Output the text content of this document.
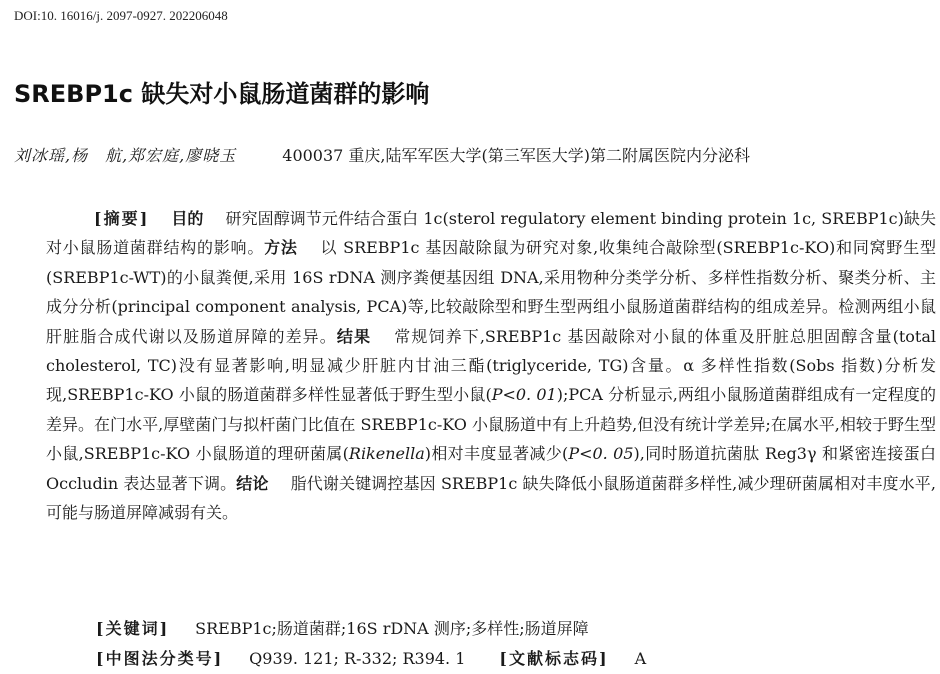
DOI:10. 16016/j. 2097-0927. 202206048
SREBP1c 缺失对小鼠肠道菌群的影响
刘冰瑶,杨　航,郑宏庭,廖晓玉	400037 重庆,陆军军医大学(第三军医大学)第二附属医院内分泌科

[摘要] 目的 研究固醇调节元件结合蛋白 1c(sterol regulatory element binding protein 1c, SREBP1c)缺失对小鼠肠道菌群结构的影响。方法 以 SREBP1c 基因敲除鼠为研究对象,收集纯合敲除型(SREBP1c-KO)和同窝野生型(SREBP1c-WT)的小鼠粪便,采用 16S rDNA 测序粪便基因组 DNA,采用物种分类学分析、多样性指数分析、聚类分析、主成分分析(principal component analysis, PCA)等,比较敲除型和野生型两组小鼠肠道菌群结构的组成差异。检测两组小鼠肝脏脂合成代谢以及肠道屏障的差异。结果 常规饲养下,SREBP1c 基因敲除对小鼠的体重及肝脏总胆固醇含量(total cholesterol, TC)没有显著影响,明显减少肝脏内甘油三酯(triglyceride, TG)含量。α 多样性指数(Sobs 指数)分析发现,SREBP1c-KO 小鼠的肠道菌群多样性显著低于野生型小鼠(P<0. 01);PCA 分析显示,两组小鼠肠道菌群组成有一定程度的差异。在门水平,厚壁菌门与拟杆菌门比值在 SREBP1c-KO 小鼠肠道中有上升趋势,但没有统计学差异;在属水平,相较于野生型小鼠,SREBP1c-KO 小鼠肠道的理研菌属(Rikenella)相对丰度显著减少(P<0. 05),同时肠道抗菌肽 Reg3γ 和紧密连接蛋白 Occludin 表达显著下调。结论 脂代谢关键调控基因 SREBP1c 缺失降低小鼠肠道菌群多样性,减少理研菌属相对丰度水平,可能与肠道屏障减弱有关。

[关键词] SREBP1c;肠道菌群;16S rDNA 测序;多样性;肠道屏障
[中图法分类号] Q939. 121; R-332; R394. 1 [文献标志码] A
